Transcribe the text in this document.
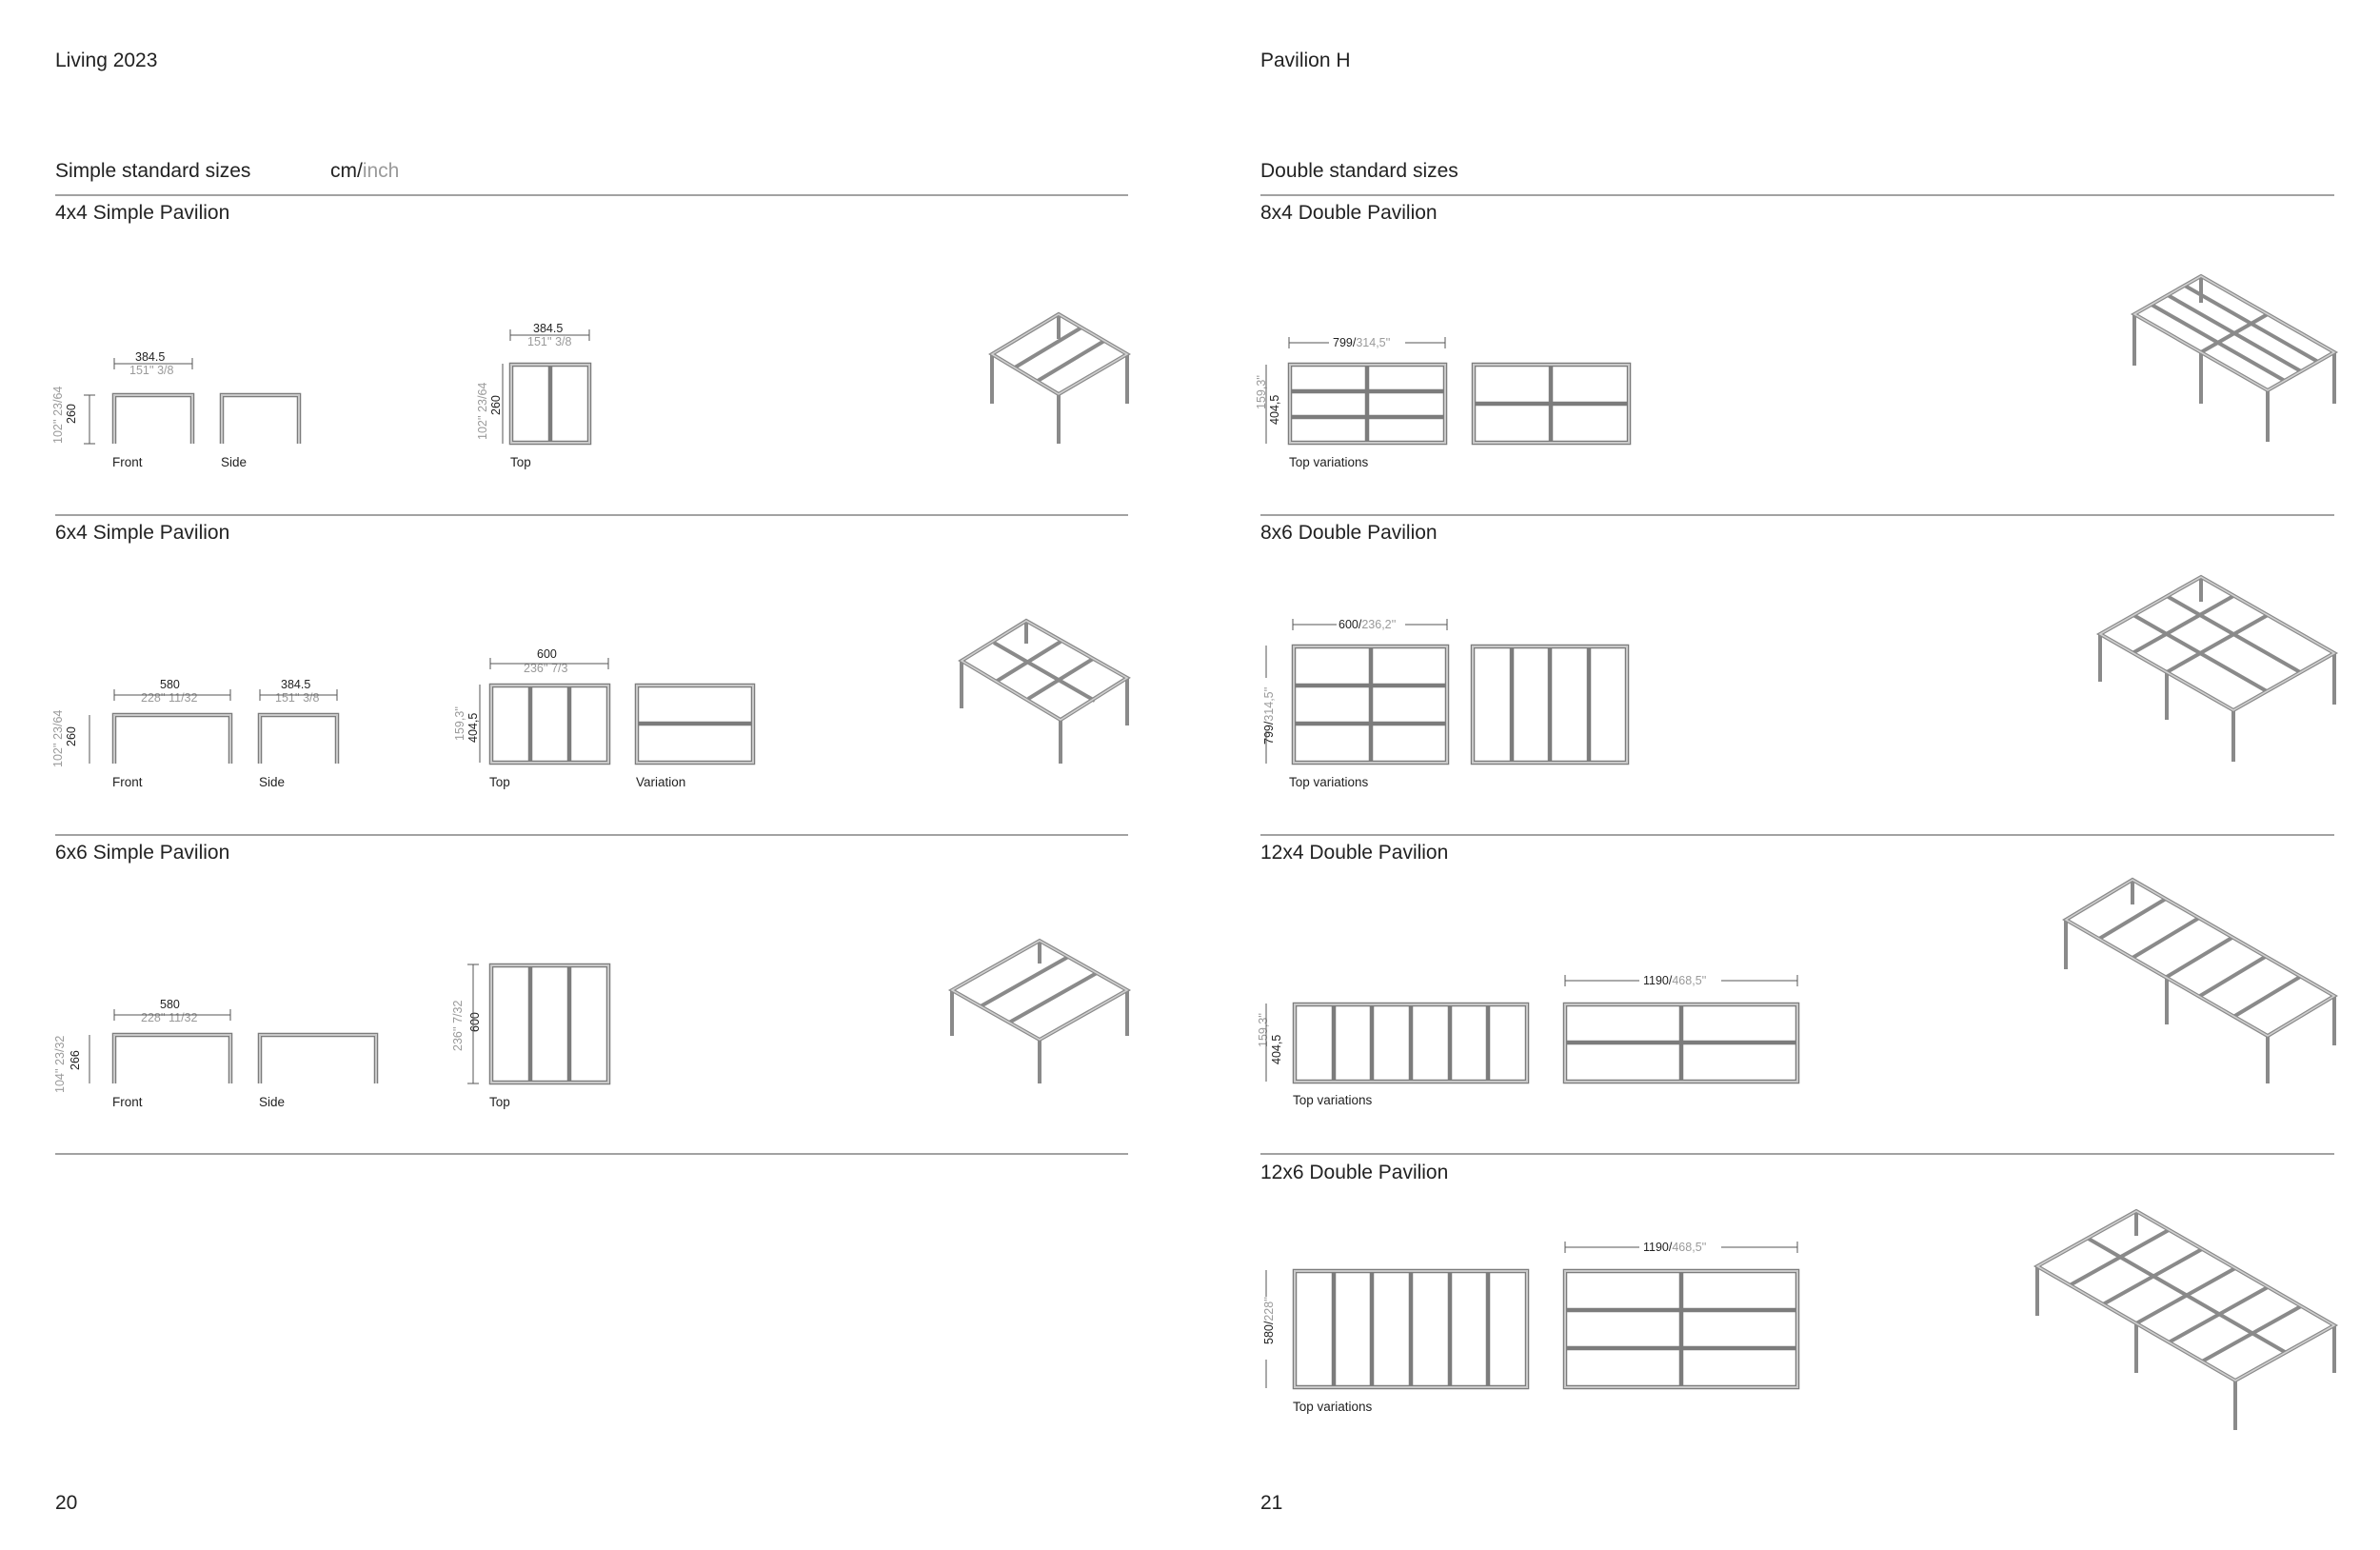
Living 2023
Simple standard sizes	cm/inch
20
4x4 Simple Pavilion
Front	Side	Top
384.5
151'' 3/8
384.5
151'' 3/8
260
102'' 23/64	260
102'' 23/64
6x4 Simple Pavilion
Front	Side	Top	Variation
580
228'' 11/32
384.5
151'' 3/8
600
236'' 7/3
260
102'' 23/64	404,5
159,3''
6x6 Simple Pavilion
Front	Side	Top
580
228'' 11/32
266
104'' 23/32
600
236'' 7/32
Pavilion H
Double standard sizes
21
8x4 Double Pavilion
Top variations
799/314,5''
404,5
159,3''
8x6 Double Pavilion
Top variations
600/236,2''
799/314,5''
12x4 Double Pavilion
Top variations
1190/468,5''
404,5
159,3''
12x6 Double Pavilion
Top variations
1190/468,5''
580/228''
